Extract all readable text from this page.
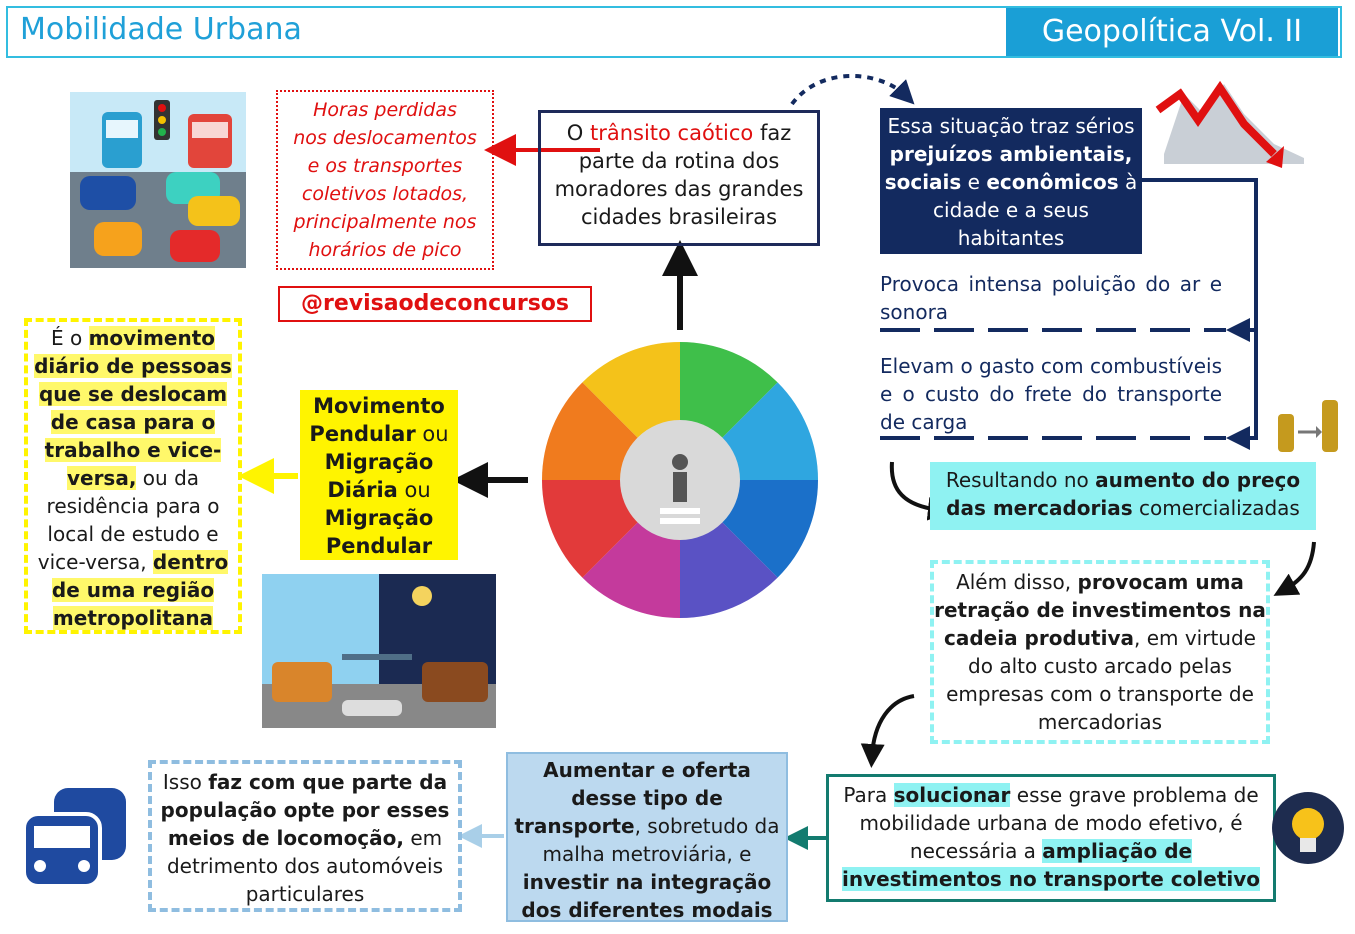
Mobilidade Urbana	Geopolítica Vol. II
Horas perdidas
nos deslocamentos
e os transportes
coletivos lotados,
principalmente nos
horários de pico
@revisaodeconcursos
O trânsito caótico faz parte da rotina dos moradores das grandes cidades brasileiras
Essa situação traz sérios prejuízos ambientais, sociais e econômicos à cidade e a seus habitantes
Provoca intensa poluição do ar e sonora
Elevam o gasto com combustíveis e o custo do frete do transporte de carga
Resultando no aumento do preço das mercadorias comercializadas
Além disso, provocam uma retração de investimentos na cadeia produtiva, em virtude do alto custo arcado pelas empresas com o transporte de mercadorias
Para solucionar esse grave problema de mobilidade urbana de modo efetivo, é necessária a ampliação de investimentos no transporte coletivo
Aumentar e oferta desse tipo de transporte, sobretudo da malha metroviária, e investir na integração dos diferentes modais
Isso faz com que parte da população opte por esses meios de locomoção, em detrimento dos automóveis particulares
Movimento Pendular ou Migração Diária ou Migração Pendular
É o movimento diário de pessoas que se deslocam de casa para o trabalho e vice-versa, ou da residência para o local de estudo e vice-versa, dentro de uma região metropolitana
